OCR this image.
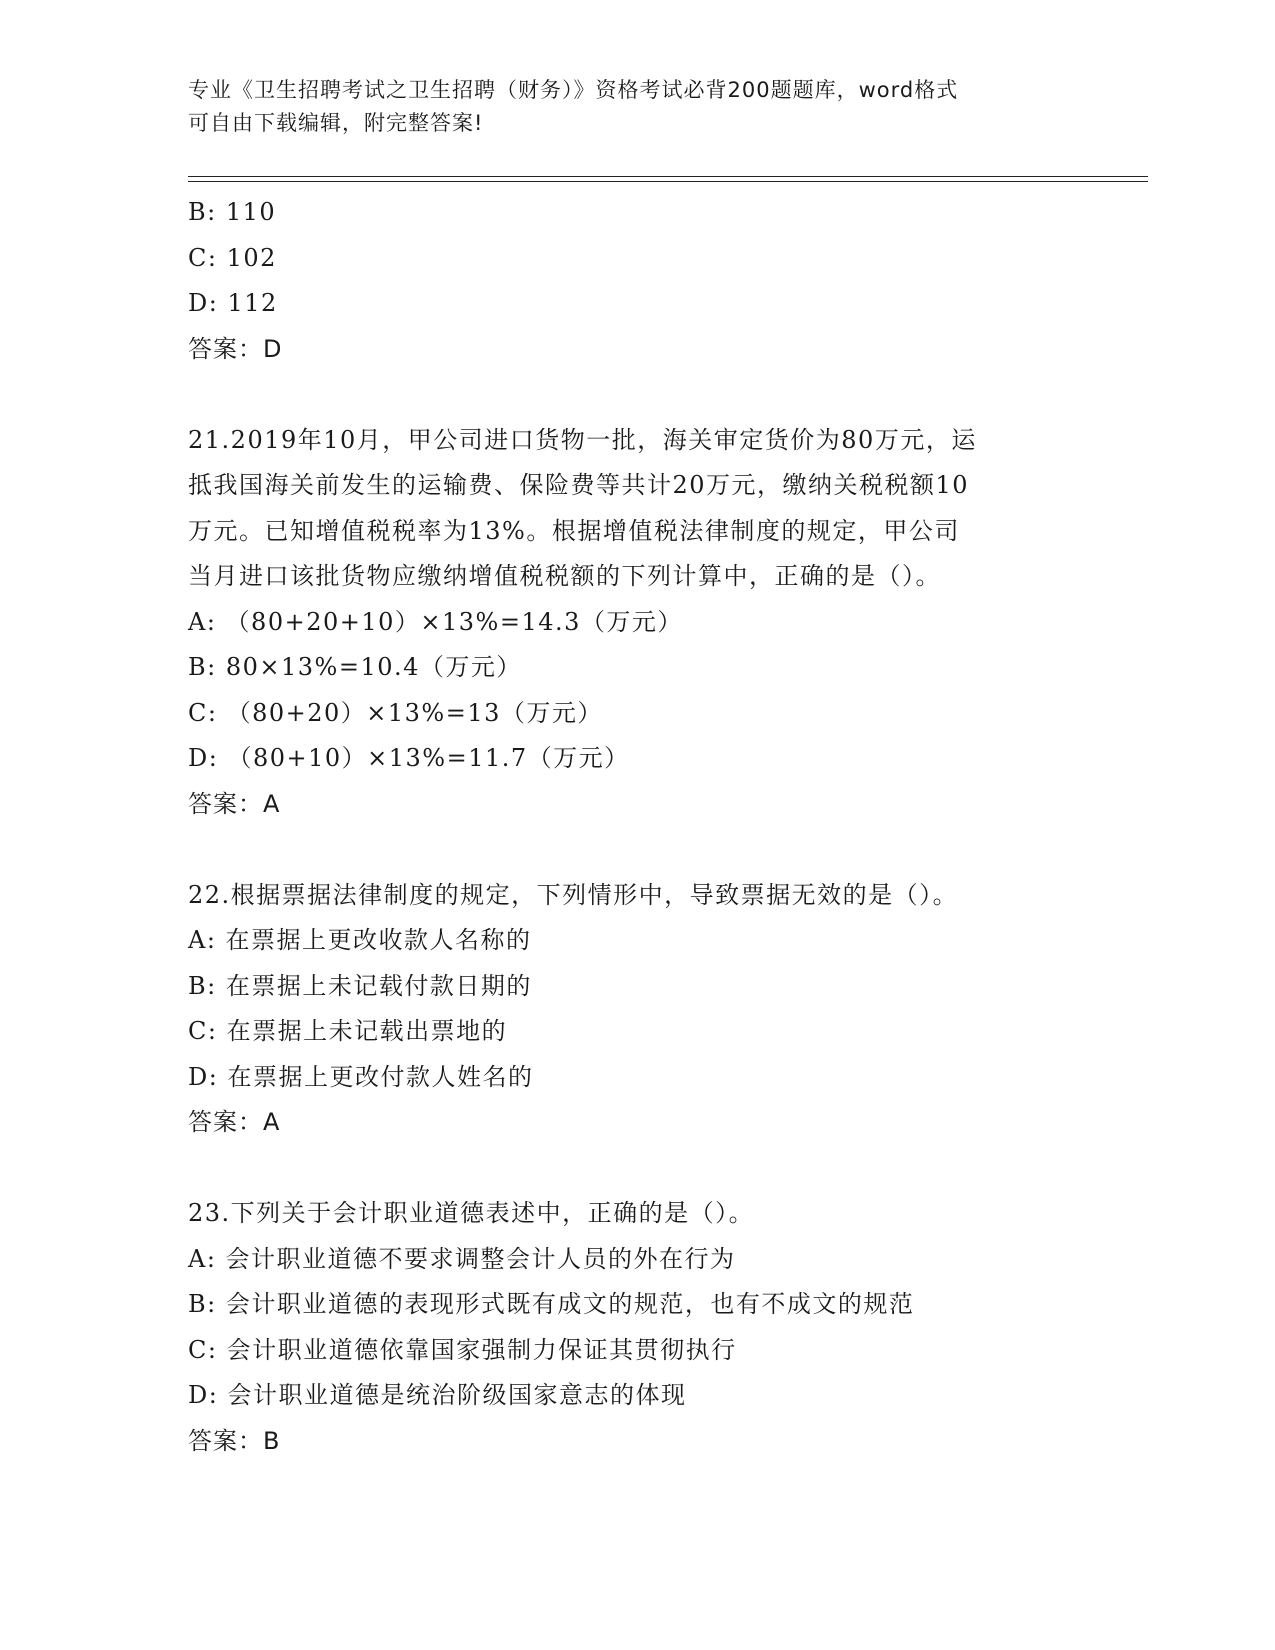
专业《卫生招聘考试之卫生招聘（财务）》资格考试必背200题题库，word格式
可自由下载编辑，附完整答案!
B: 110
C: 102
D: 112
答案：D
21.2019年10月，甲公司进口货物一批，海关审定货价为80万元，运
抵我国海关前发生的运输费、保险费等共计20万元，缴纳关税税额10
万元。已知增值税税率为13%。根据增值税法律制度的规定，甲公司
当月进口该批货物应缴纳增值税税额的下列计算中，正确的是（）。
A: （80+20+10）×13%=14.3（万元）
B: 80×13%=10.4（万元）
C: （80+20）×13%=13（万元）
D: （80+10）×13%=11.7（万元）
答案：A
22.根据票据法律制度的规定，下列情形中，导致票据无效的是（）。
A: 在票据上更改收款人名称的
B: 在票据上未记载付款日期的
C: 在票据上未记载出票地的
D: 在票据上更改付款人姓名的
答案：A
23.下列关于会计职业道德表述中，正确的是（）。
A: 会计职业道德不要求调整会计人员的外在行为
B: 会计职业道德的表现形式既有成文的规范，也有不成文的规范
C: 会计职业道德依靠国家强制力保证其贯彻执行
D: 会计职业道德是统治阶级国家意志的体现
答案：B
